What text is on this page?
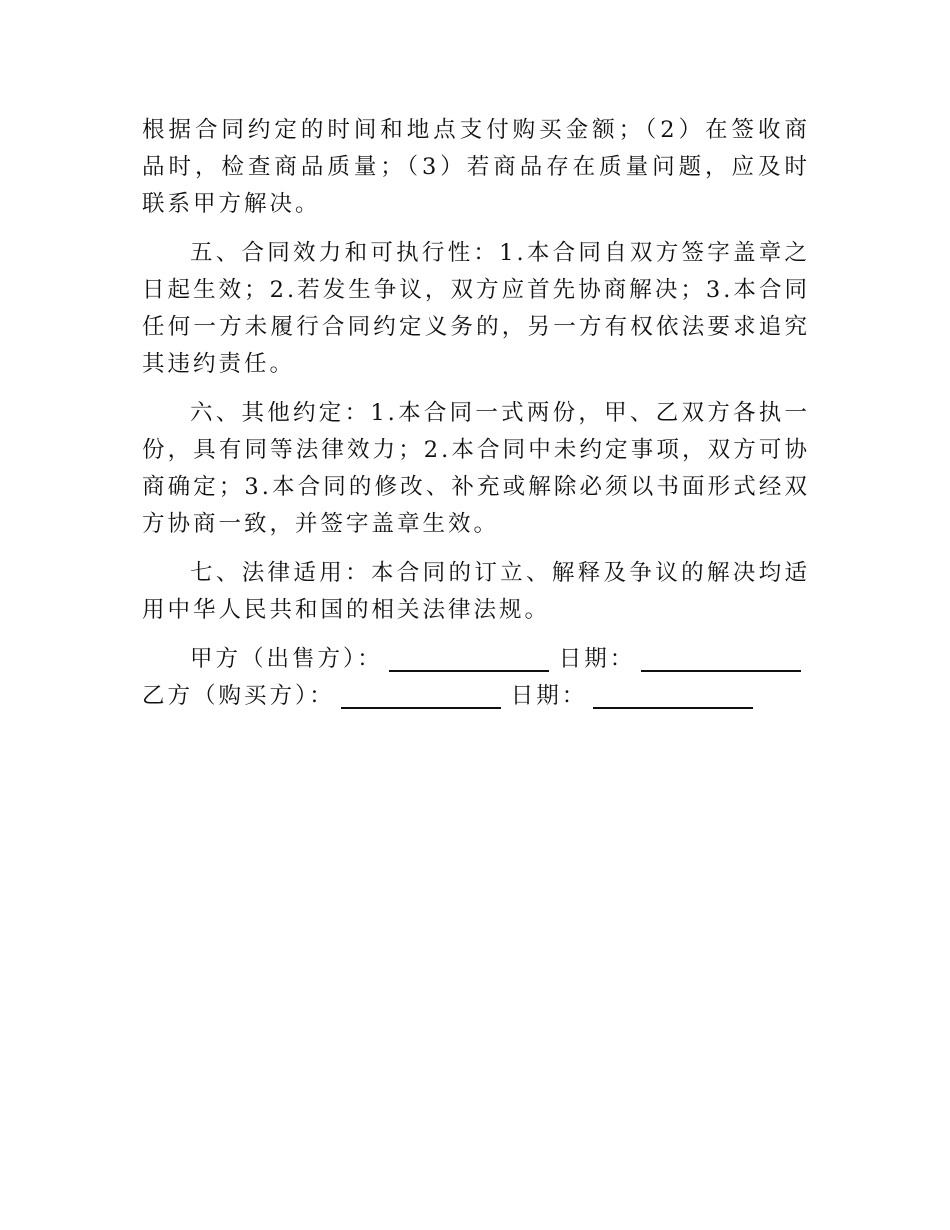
根据合同约定的时间和地点支付购买金额；（2）在签收商品时，检查商品质量；（3）若商品存在质量问题，应及时联系甲方解决。

五、合同效力和可执行性：1.本合同自双方签字盖章之日起生效；2.若发生争议，双方应首先协商解决；3.本合同任何一方未履行合同约定义务的，另一方有权依法要求追究其违约责任。

六、其他约定：1.本合同一式两份，甲、乙双方各执一份，具有同等法律效力；2.本合同中未约定事项，双方可协商确定；3.本合同的修改、补充或解除必须以书面形式经双方协商一致，并签字盖章生效。

七、法律适用：本合同的订立、解释及争议的解决均适用中华人民共和国的相关法律法规。

甲方（出售方）：	日期：
乙方（购买方）：	日期：
